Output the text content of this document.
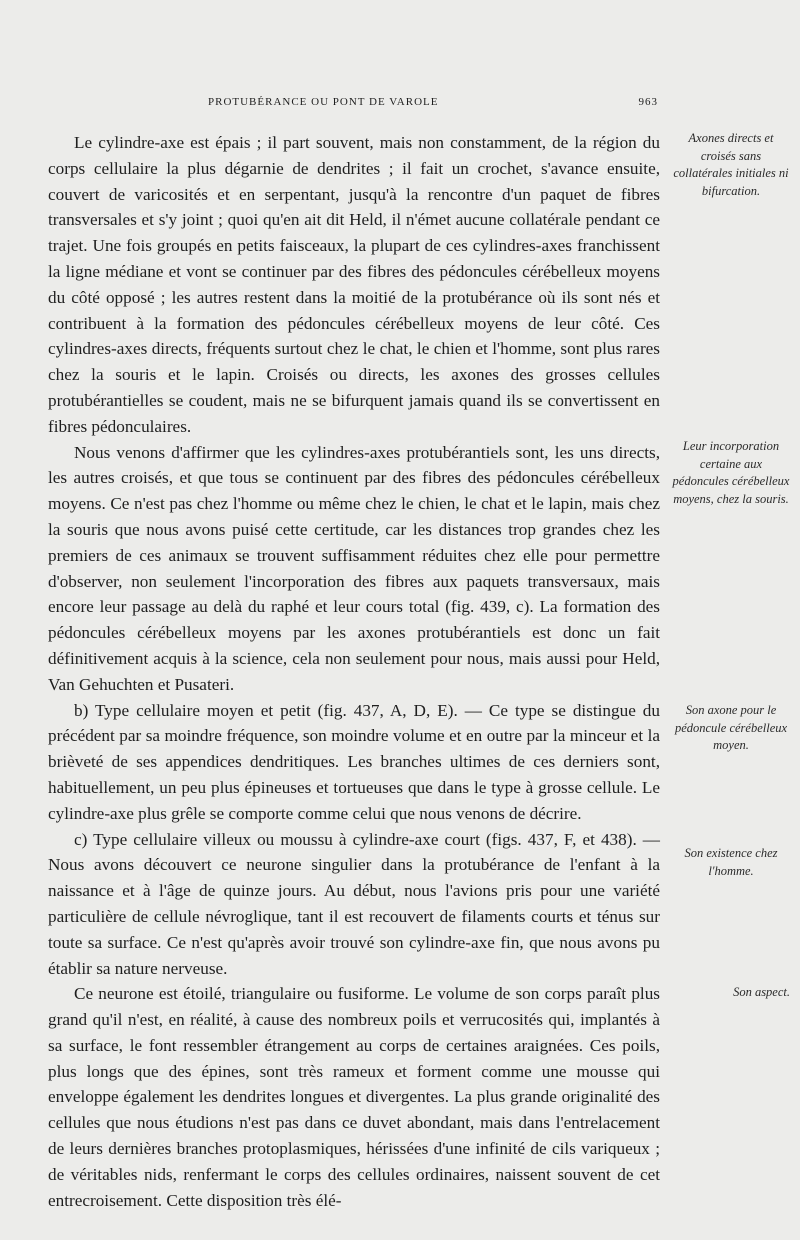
PROTUBÉRANCE OU PONT DE VAROLE	963

Le cylindre-axe est épais ; il part souvent, mais non constamment, de la région du corps cellulaire la plus dégarnie de dendrites ; il fait un crochet, s'avance ensuite, couvert de varicosités et en serpentant, jusqu'à la rencontre d'un paquet de fibres transversales et s'y joint ; quoi qu'en ait dit Held, il n'émet aucune collatérale pendant ce trajet. Une fois groupés en petits faisceaux, la plupart de ces cylindres-axes franchissent la ligne médiane et vont se continuer par des fibres des pédoncules cérébelleux moyens du côté opposé ; les autres restent dans la moitié de la protubérance où ils sont nés et contribuent à la formation des pédoncules cérébelleux moyens de leur côté. Ces cylindres-axes directs, fréquents surtout chez le chat, le chien et l'homme, sont plus rares chez la souris et le lapin. Croisés ou directs, les axones des grosses cellules protubérantielles se coudent, mais ne se bifurquent jamais quand ils se convertissent en fibres pédonculaires.

Nous venons d'affirmer que les cylindres-axes protubérantiels sont, les uns directs, les autres croisés, et que tous se continuent par des fibres des pédoncules cérébelleux moyens. Ce n'est pas chez l'homme ou même chez le chien, le chat et le lapin, mais chez la souris que nous avons puisé cette certitude, car les distances trop grandes chez les premiers de ces animaux se trouvent suffisamment réduites chez elle pour permettre d'observer, non seulement l'incorporation des fibres aux paquets transversaux, mais encore leur passage au delà du raphé et leur cours total (fig. 439, c). La formation des pédoncules cérébelleux moyens par les axones protubérantiels est donc un fait définitivement acquis à la science, cela non seulement pour nous, mais aussi pour Held, Van Gehuchten et Pusateri.

b) Type cellulaire moyen et petit (fig. 437, A, D, E). — Ce type se distingue du précédent par sa moindre fréquence, son moindre volume et en outre par la minceur et la brièveté de ses appendices dendritiques. Les branches ultimes de ces derniers sont, habituellement, un peu plus épineuses et tortueuses que dans le type à grosse cellule. Le cylindre-axe plus grêle se comporte comme celui que nous venons de décrire.

c) Type cellulaire villeux ou moussu à cylindre-axe court (figs. 437, F, et 438). — Nous avons découvert ce neurone singulier dans la protubérance de l'enfant à la naissance et à l'âge de quinze jours. Au début, nous l'avions pris pour une variété particulière de cellule névroglique, tant il est recouvert de filaments courts et ténus sur toute sa surface. Ce n'est qu'après avoir trouvé son cylindre-axe fin, que nous avons pu établir sa nature nerveuse.

Ce neurone est étoilé, triangulaire ou fusiforme. Le volume de son corps paraît plus grand qu'il n'est, en réalité, à cause des nombreux poils et verrucosités qui, implantés à sa surface, le font ressembler étrangement au corps de certaines araignées. Ces poils, plus longs que des épines, sont très rameux et forment comme une mousse qui enveloppe également les dendrites longues et divergentes. La plus grande originalité des cellules que nous étudions n'est pas dans ce duvet abondant, mais dans l'entrelacement de leurs dernières branches protoplasmiques, hérissées d'une infinité de cils variqueux ; de véritables nids, renfermant le corps des cellules ordinaires, naissent souvent de cet entrecroisement. Cette disposition très élé-

Axones directs et croisés sans collatérales initiales ni bifurcation.
Leur incorporation certaine aux pédoncules cérébelleux moyens, chez la souris.
Son axone pour le pédoncule cérébelleux moyen.
Son existence chez l'homme.
Son aspect.
